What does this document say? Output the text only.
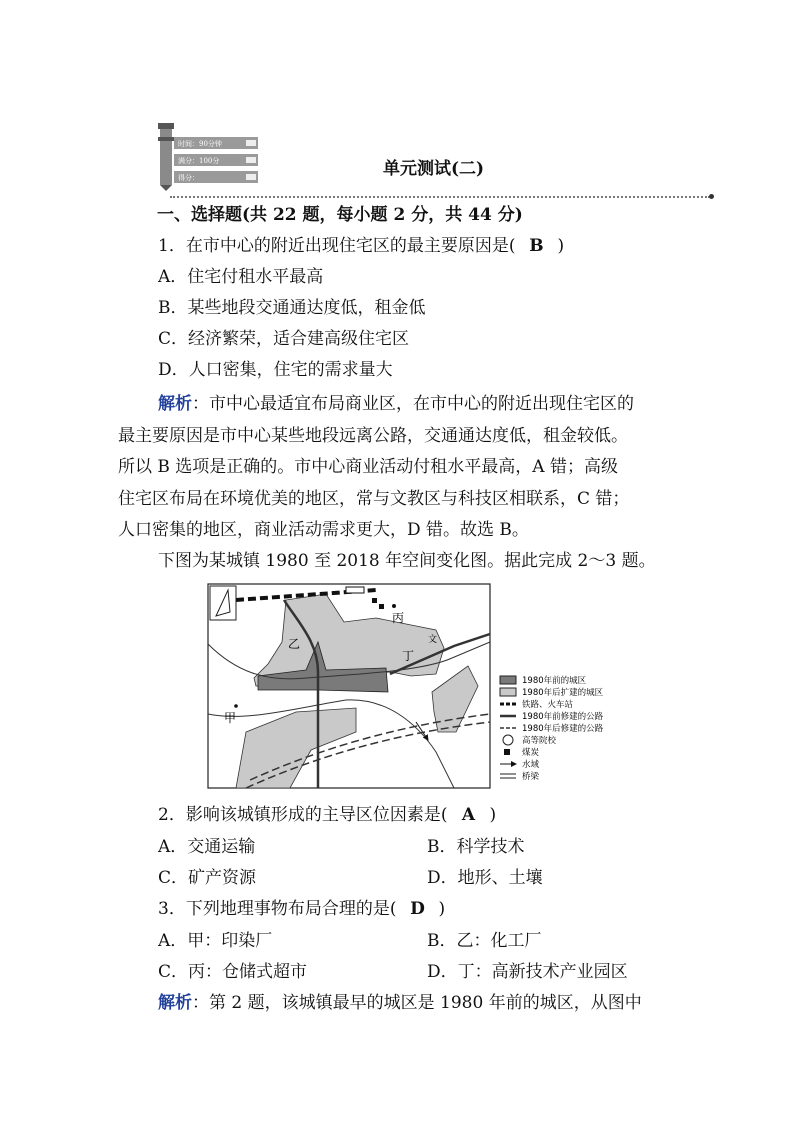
时间：90分钟
满分：100分
得分：	单元测试(二)
一、选择题(共 22 题，每小题 2 分，共 44 分)
1．在市中心的附近出现住宅区的最主要原因是( B )
A．住宅付租水平最高
B．某些地段交通通达度低，租金低
C．经济繁荣，适合建高级住宅区
D．人口密集，住宅的需求量大
解析：市中心最适宜布局商业区，在市中心的附近出现住宅区的
最主要原因是市中心某些地段远离公路，交通通达度低，租金较低。
所以 B 选项是正确的。市中心商业活动付租水平最高，A 错；高级
住宅区布局在环境优美的地区，常与文教区与科技区相联系，C 错；
人口密集的地区，商业活动需求更大，D 错。故选 B。
下图为某城镇 1980 至 2018 年空间变化图。据此完成 2～3 题。
丙
乙
丁
文
甲
1980年前的城区
1980年后扩建的城区
铁路、火车站
1980年前修建的公路
1980年后修建的公路
高等院校
煤炭
水域
桥梁
2．影响该城镇形成的主导区位因素是( A )
A．交通运输	B．科学技术
C．矿产资源	D．地形、土壤
3．下列地理事物布局合理的是( D )
A．甲：印染厂	B．乙：化工厂
C．丙：仓储式超市	D．丁：高新技术产业园区
解析：第 2 题，该城镇最早的城区是 1980 年前的城区，从图中
